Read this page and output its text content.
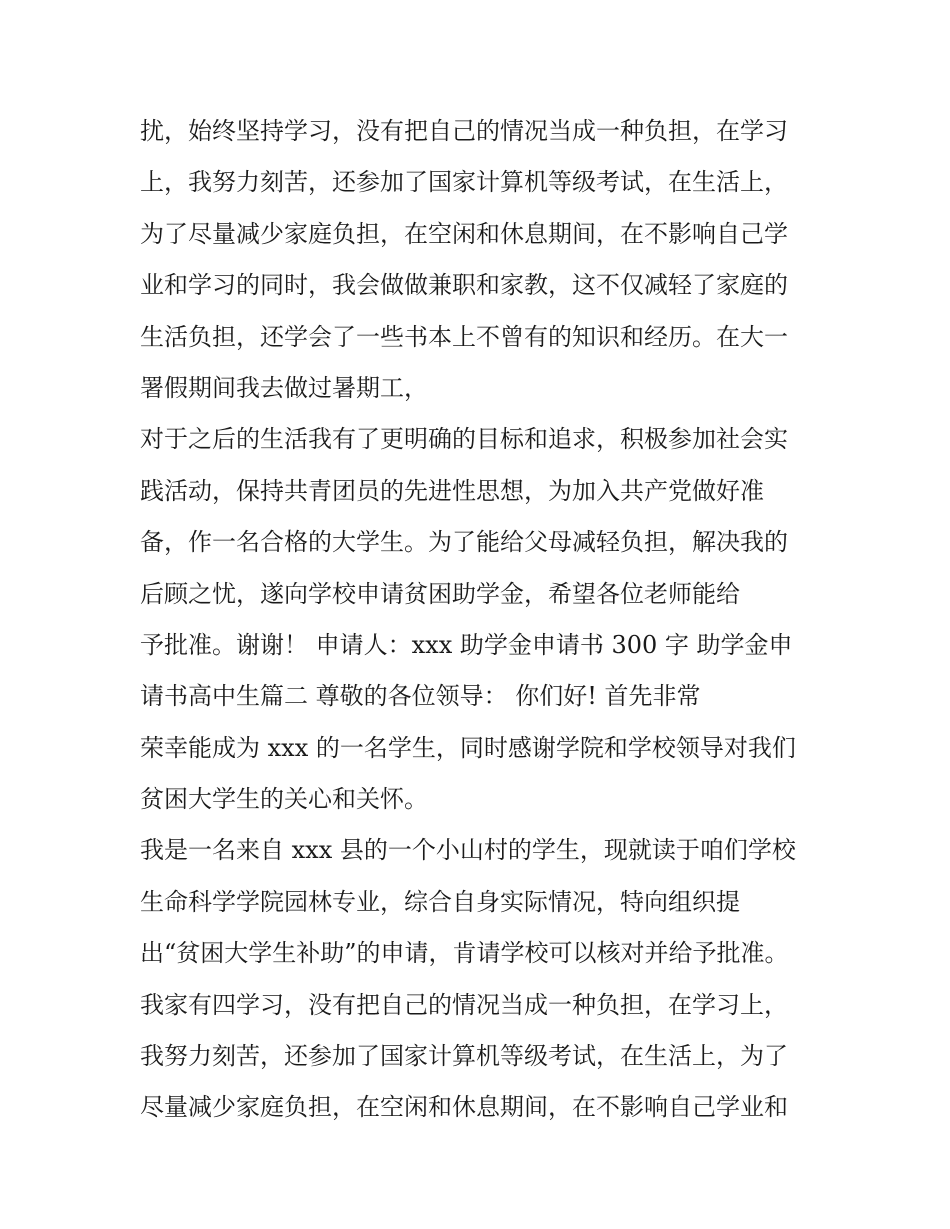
扰，始终坚持学习，没有把自己的情况当成一种负担，在学习
上，我努力刻苦，还参加了国家计算机等级考试，在生活上，
为了尽量减少家庭负担，在空闲和休息期间，在不影响自己学
业和学习的同时，我会做做兼职和家教，这不仅减轻了家庭的
生活负担，还学会了一些书本上不曾有的知识和经历。在大一
署假期间我去做过暑期工，
对于之后的生活我有了更明确的目标和追求，积极参加社会实
践活动，保持共青团员的先进性思想，为加入共产党做好准
备，作一名合格的大学生。为了能给父母减轻负担，解决我的
后顾之忧，遂向学校申请贫困助学金，希望各位老师能给
予批准。谢谢！ 申请人：xxx 助学金申请书 300 字 助学金申
请书高中生篇二 尊敬的各位领导： 你们好! 首先非常
荣幸能成为 xxx 的一名学生，同时感谢学院和学校领导对我们
贫困大学生的关心和关怀。
我是一名来自 xxx 县的一个小山村的学生，现就读于咱们学校
生命科学学院园林专业，综合自身实际情况，特向组织提
出“贫困大学生补助”的申请，肯请学校可以核对并给予批准。
我家有四学习，没有把自己的情况当成一种负担，在学习上，
我努力刻苦，还参加了国家计算机等级考试，在生活上，为了
尽量减少家庭负担，在空闲和休息期间，在不影响自己学业和
